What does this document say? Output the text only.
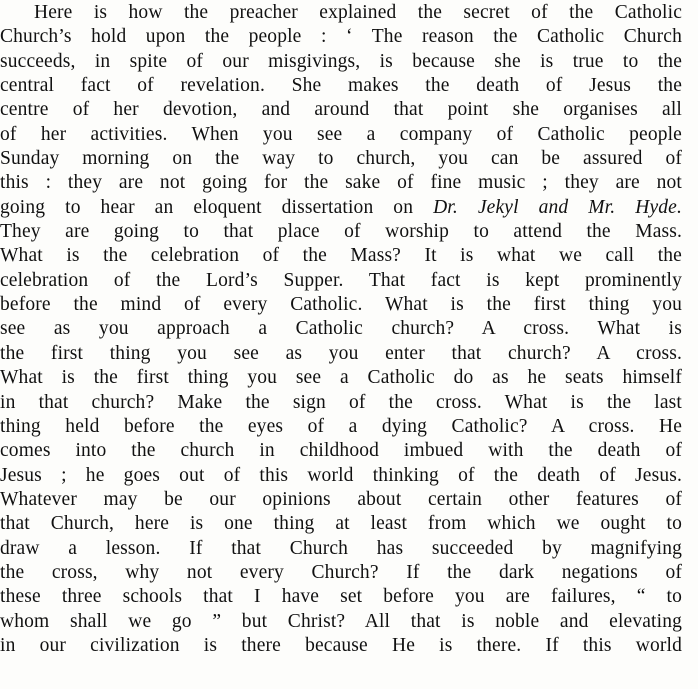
Here is how the preacher explained the secret of the Catholic
Church’s hold upon the people : ‘ The reason the Catholic Church
succeeds, in spite of our misgivings, is because she is true to the
central fact of revelation. She makes the death of Jesus the
centre of her devotion, and around that point she organises all
of her activities. When you see a company of Catholic people
Sunday morning on the way to church, you can be assured of
this : they are not going for the sake of fine music ; they are not
going to hear an eloquent dissertation on Dr. Jekyl and Mr. Hyde.
They are going to that place of worship to attend the Mass.
What is the celebration of the Mass? It is what we call the
celebration of the Lord’s Supper. That fact is kept prominently
before the mind of every Catholic. What is the first thing you
see as you approach a Catholic church? A cross. What is
the first thing you see as you enter that church? A cross.
What is the first thing you see a Catholic do as he seats himself
in that church? Make the sign of the cross. What is the last
thing held before the eyes of a dying Catholic? A cross. He
comes into the church in childhood imbued with the death of
Jesus ; he goes out of this world thinking of the death of Jesus.
Whatever may be our opinions about certain other features of
that Church, here is one thing at least from which we ought to
draw a lesson. If that Church has succeeded by magnifying
the cross, why not every Church? If the dark negations of
these three schools that I have set before you are failures, “ to
whom shall we go ” but Christ? All that is noble and elevating
in our civilization is there because He is there. If this world
